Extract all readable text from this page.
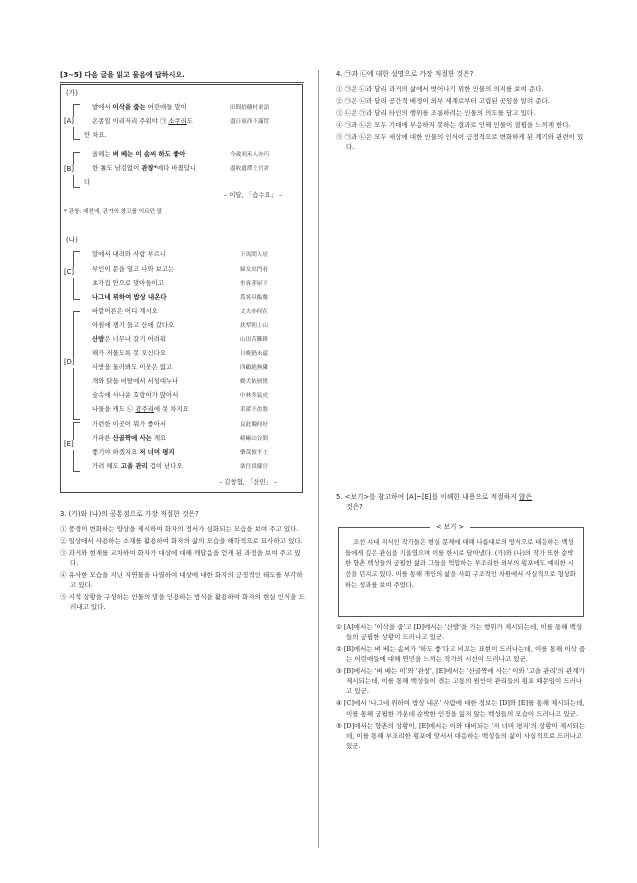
[3~5] 다음 글을 읽고 물음에 답하시오.
(가)
[A]
밭에서 이삭을 줍는 어린애들 말이
온종일 이리저리 주워야 ㉠ 소쿠리도
안 차요.
田間拾穗村童語
盡日東西不滿筐
[B]
올해는 벼 베는 이 솜씨 하도 좋아
한 톨도 남김없이 관창*에다 바쳤답니
다
今歲刈禾人亦巧
盡收遺滯上官倉
– 이달, 「습수요」 –
* 관창: 예전에, 관가의 창고를 이르던 말
(나)
[C]
[D]
[E]
말에서 내려와 사람 부르니
부인이 문을 열고 나와 보고는
초가집 안으로 맞아들이고
나그네 위하여 밥상 내온다
바깥어른은 어디 계시오
아침에 쟁기 들고 산에 갔다오
산밭은 너무나 갈기 어려워
해가 저물도록 못 오신다오
사방을 둘러봐도 이웃은 없고
개와 닭들 비탈에서 서성대누나
숲속에 사나운 호랑이가 많아서
나물을 캐도 ㉡ 광주리에 못 차지요
가련한 이곳이 뭐가 좋아서
가파른 산골짝에 사는 게요
좋기야 하겠지요 저 너머 평지
가려 해도 고을 관리 겁이 난다오
下馬問人居
婦女出門看
坐客茅屋下
爲客具飯餐
丈夫亦何在
扶犁朝上山
山田苦難耕
日晩猶未還
四顧絶無隣
鷄犬依層巒
中林多猛虎
采藿不盈盤
哀此獨何好
崎嶇山谷間
樂哉彼平土
欲往畏縣官
– 김창협, 「산민」 –
3. (가)와 (나)의 공통점으로 가장 적절한 것은?
① 풍경이 변화하는 양상을 제시하여 화자의 정서가 심화되는 모습을 보여 주고 있다.
② 일상에서 사용하는 소재를 활용하여 화자의 삶의 모습을 해학적으로 묘사하고 있다.
③ 과거와 현재를 교차하여 화자가 대상에 대해 깨달음을 얻게 된 과정을 보여 주고 있다.
④ 유사한 모습을 지닌 자연물을 나열하여 대상에 대한 화자의 긍정적인 태도를 부각하고 있다.
⑤ 시적 상황을 구성하는 인물의 말을 인용하는 방식을 활용하여 화자의 현실 인식을 드러내고 있다.
4. ㉠과 ㉡에 대한 설명으로 가장 적절한 것은?
① ㉠은 ㉡과 달리 과거의 삶에서 벗어나기 위한 인물의 의지를 보여 준다.
② ㉠은 ㉡과 달리 공간적 배경이 외부 세계로부터 고립된 곳임을 알려 준다.
③ ㉡은 ㉠과 달리 타인의 행위를 조롱하려는 인물의 의도를 담고 있다.
④ ㉠과 ㉡은 모두 기대에 부응하지 못하는 결과로 인해 인물이 결핍을 느끼게 한다.
⑤ ㉠과 ㉡은 모두 세상에 대한 인물의 인식이 긍정적으로 변화하게 된 계기와 관련이 있다.
5. <보기>를 참고하여 [A]~[E]를 이해한 내용으로 적절하지 않은
것은?
< 보기 >
조선 시대 지식인 작가들은 현실 문제에 대해 나름대로의 방식으로 대응하는 백성들에게 깊은 관심을 기울였으며 이를 한시로 담아냈다. (가)와 (나)의 작가 또한 순박한 향촌 백성들의 궁핍한 삶과 그들을 억압하는 부조리한 외부의 횡포에도 예리한 시선을 던지고 있다. 이를 통해 개인의 삶을 사회 구조적인 차원에서 사실적으로 형상화하는 성과를 보여 주었다.
① [A]에서는 '이삭을 줍'고 [D]에서는 '산밭'을 가는 행위가 제시되는데, 이를 통해 백성들의 궁핍한 상황이 드러나고 있군.
② [B]에서는 벼 베는 솜씨가 '하도 좋'다고 비꼬는 표현이 드러나는데, 이를 통해 이삭 줍는 어린애들에 대해 연민을 느끼는 작가의 시선이 드러나고 있군.
③ [B]에서는 '벼 베는 이'와 '관창', [E]에서는 '산골짝에 사는' 이와 '고을 관리'의 관계가 제시되는데, 이를 통해 백성들이 겪는 고통의 원인이 관리들의 횡포 때문임이 드러나고 있군.
④ [C]에서 '나그네 위하여 밥상 내온' 사람에 대한 정보는 [D]와 [E]를 통해 제시되는데, 이를 통해 궁핍한 가운데 순박한 인정을 잃지 않는 백성들의 모습이 드러나고 있군.
⑤ [D]에서는 향촌의 상황이, [E]에서는 이와 대비되는 '저 너머 평지'의 상황이 제시되는데, 이를 통해 부조리한 횡포에 맞서서 대응하는 백성들의 삶이 사실적으로 드러나고 있군.
